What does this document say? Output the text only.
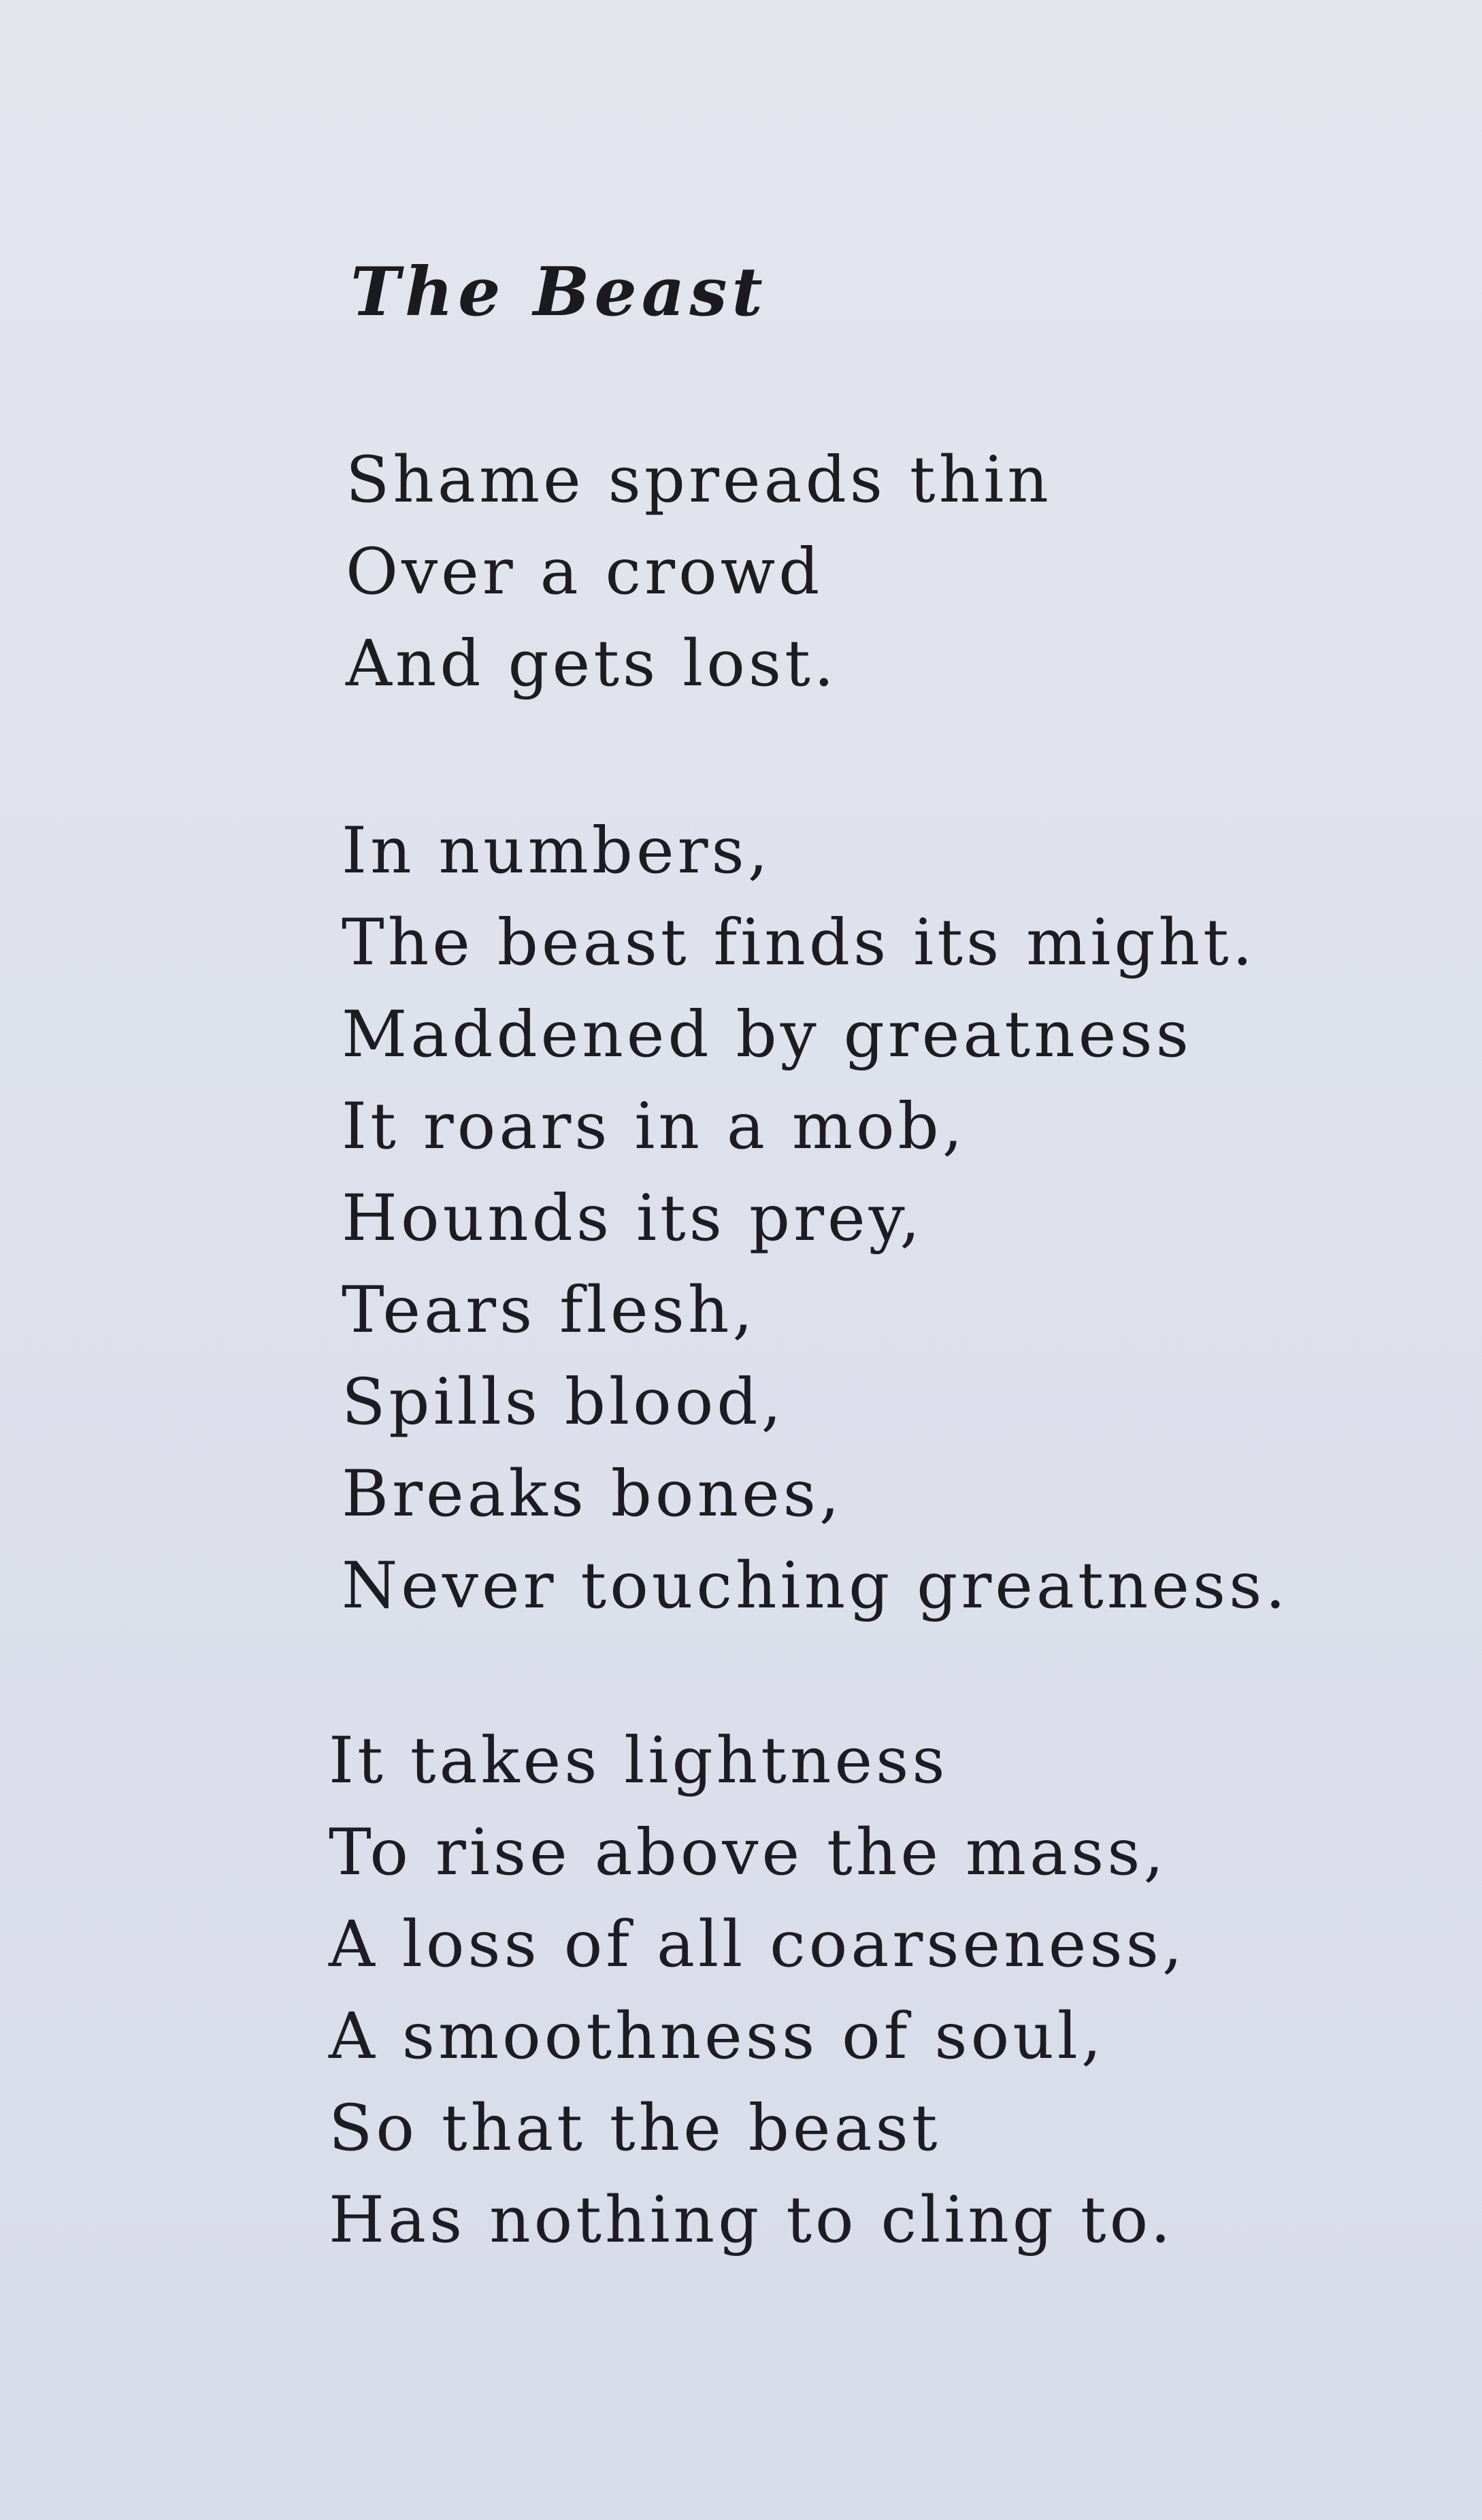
The Beast
Shame spreads thin
Over a crowd
And gets lost.
In numbers,
The beast finds its might.
Maddened by greatness
It roars in a mob,
Hounds its prey,
Tears flesh,
Spills blood,
Breaks bones,
Never touching greatness.
It takes lightness
To rise above the mass,
A loss of all coarseness,
A smoothness of soul,
So that the beast
Has nothing to cling to.
